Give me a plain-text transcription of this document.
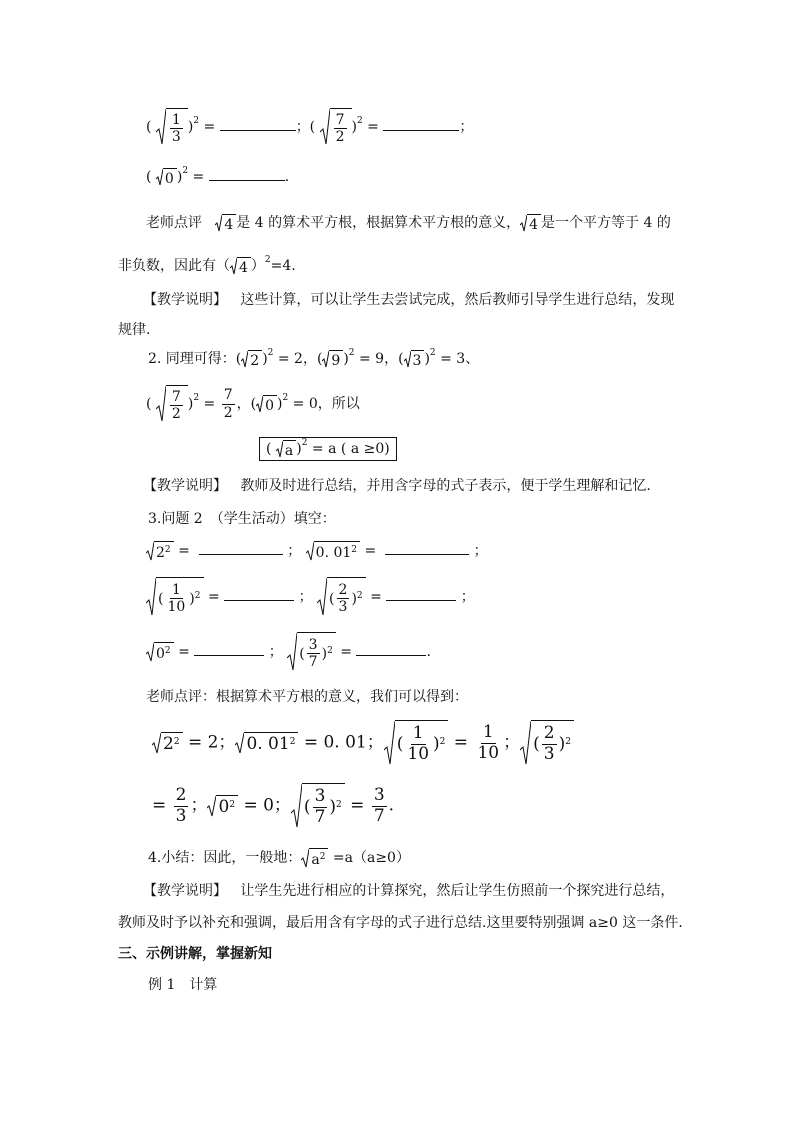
( $\frac{1}{3} )^2$ =	；( $\frac{7}{2} )^2$ =	；
( 0 )$^2$ =	.
老师点评 4 是 4 的算术平方根，根据算术平方根的意义， 4 是一个平方等于 4 的
非负数，因此有（ 4 ）$^2$=4.
【教学说明】 这些计算，可以让学生去尝试完成，然后教师引导学生进行总结，发现
规律.
2. 同理可得：( 2 )$^2$ = 2，( 9 )$^2$ = 9，( 3 )$^2$ = 3、
( $\frac{7}{2} )^2 = \frac{7}{2}$ ，( 0 )$^2$ = 0，所以
( a )$^2$ = a ( a ≥0)
【教学说明】 教师及时进行总结，并用含字母的式子表示，便于学生理解和记忆.
3.问题 2　（学生活动）填空：
$2^2$ =	； 0. $01^2$ =	；
( $\frac{1}{10} )^2$ =	； ( $\frac{2}{3} )^2$ =	；
$0^2$ =	； ( $\frac{3}{7} )^2$ =	.
老师点评：根据算术平方根的意义，我们可以得到：
$2^2 = 2$； 0. $01^2 = 0$. 01； ( $\frac{1}{10} )^2 = \frac{1}{10}$ ； ( $\frac{2}{3} )^2$
= $\frac{2}{3}$ ； $0^2 = 0$； ( $\frac{3}{7} )^2 = \frac{3}{7}$ .
4.小结：因此，一般地： $a^2 =a(a\ge 0)$
【教学说明】 让学生先进行相应的计算探究，然后让学生仿照前一个探究进行总结，
教师及时予以补充和强调，最后用含有字母的式子进行总结.这里要特别强调 a≥0 这一条件.
三、示例讲解，掌握新知
例 1　计算
